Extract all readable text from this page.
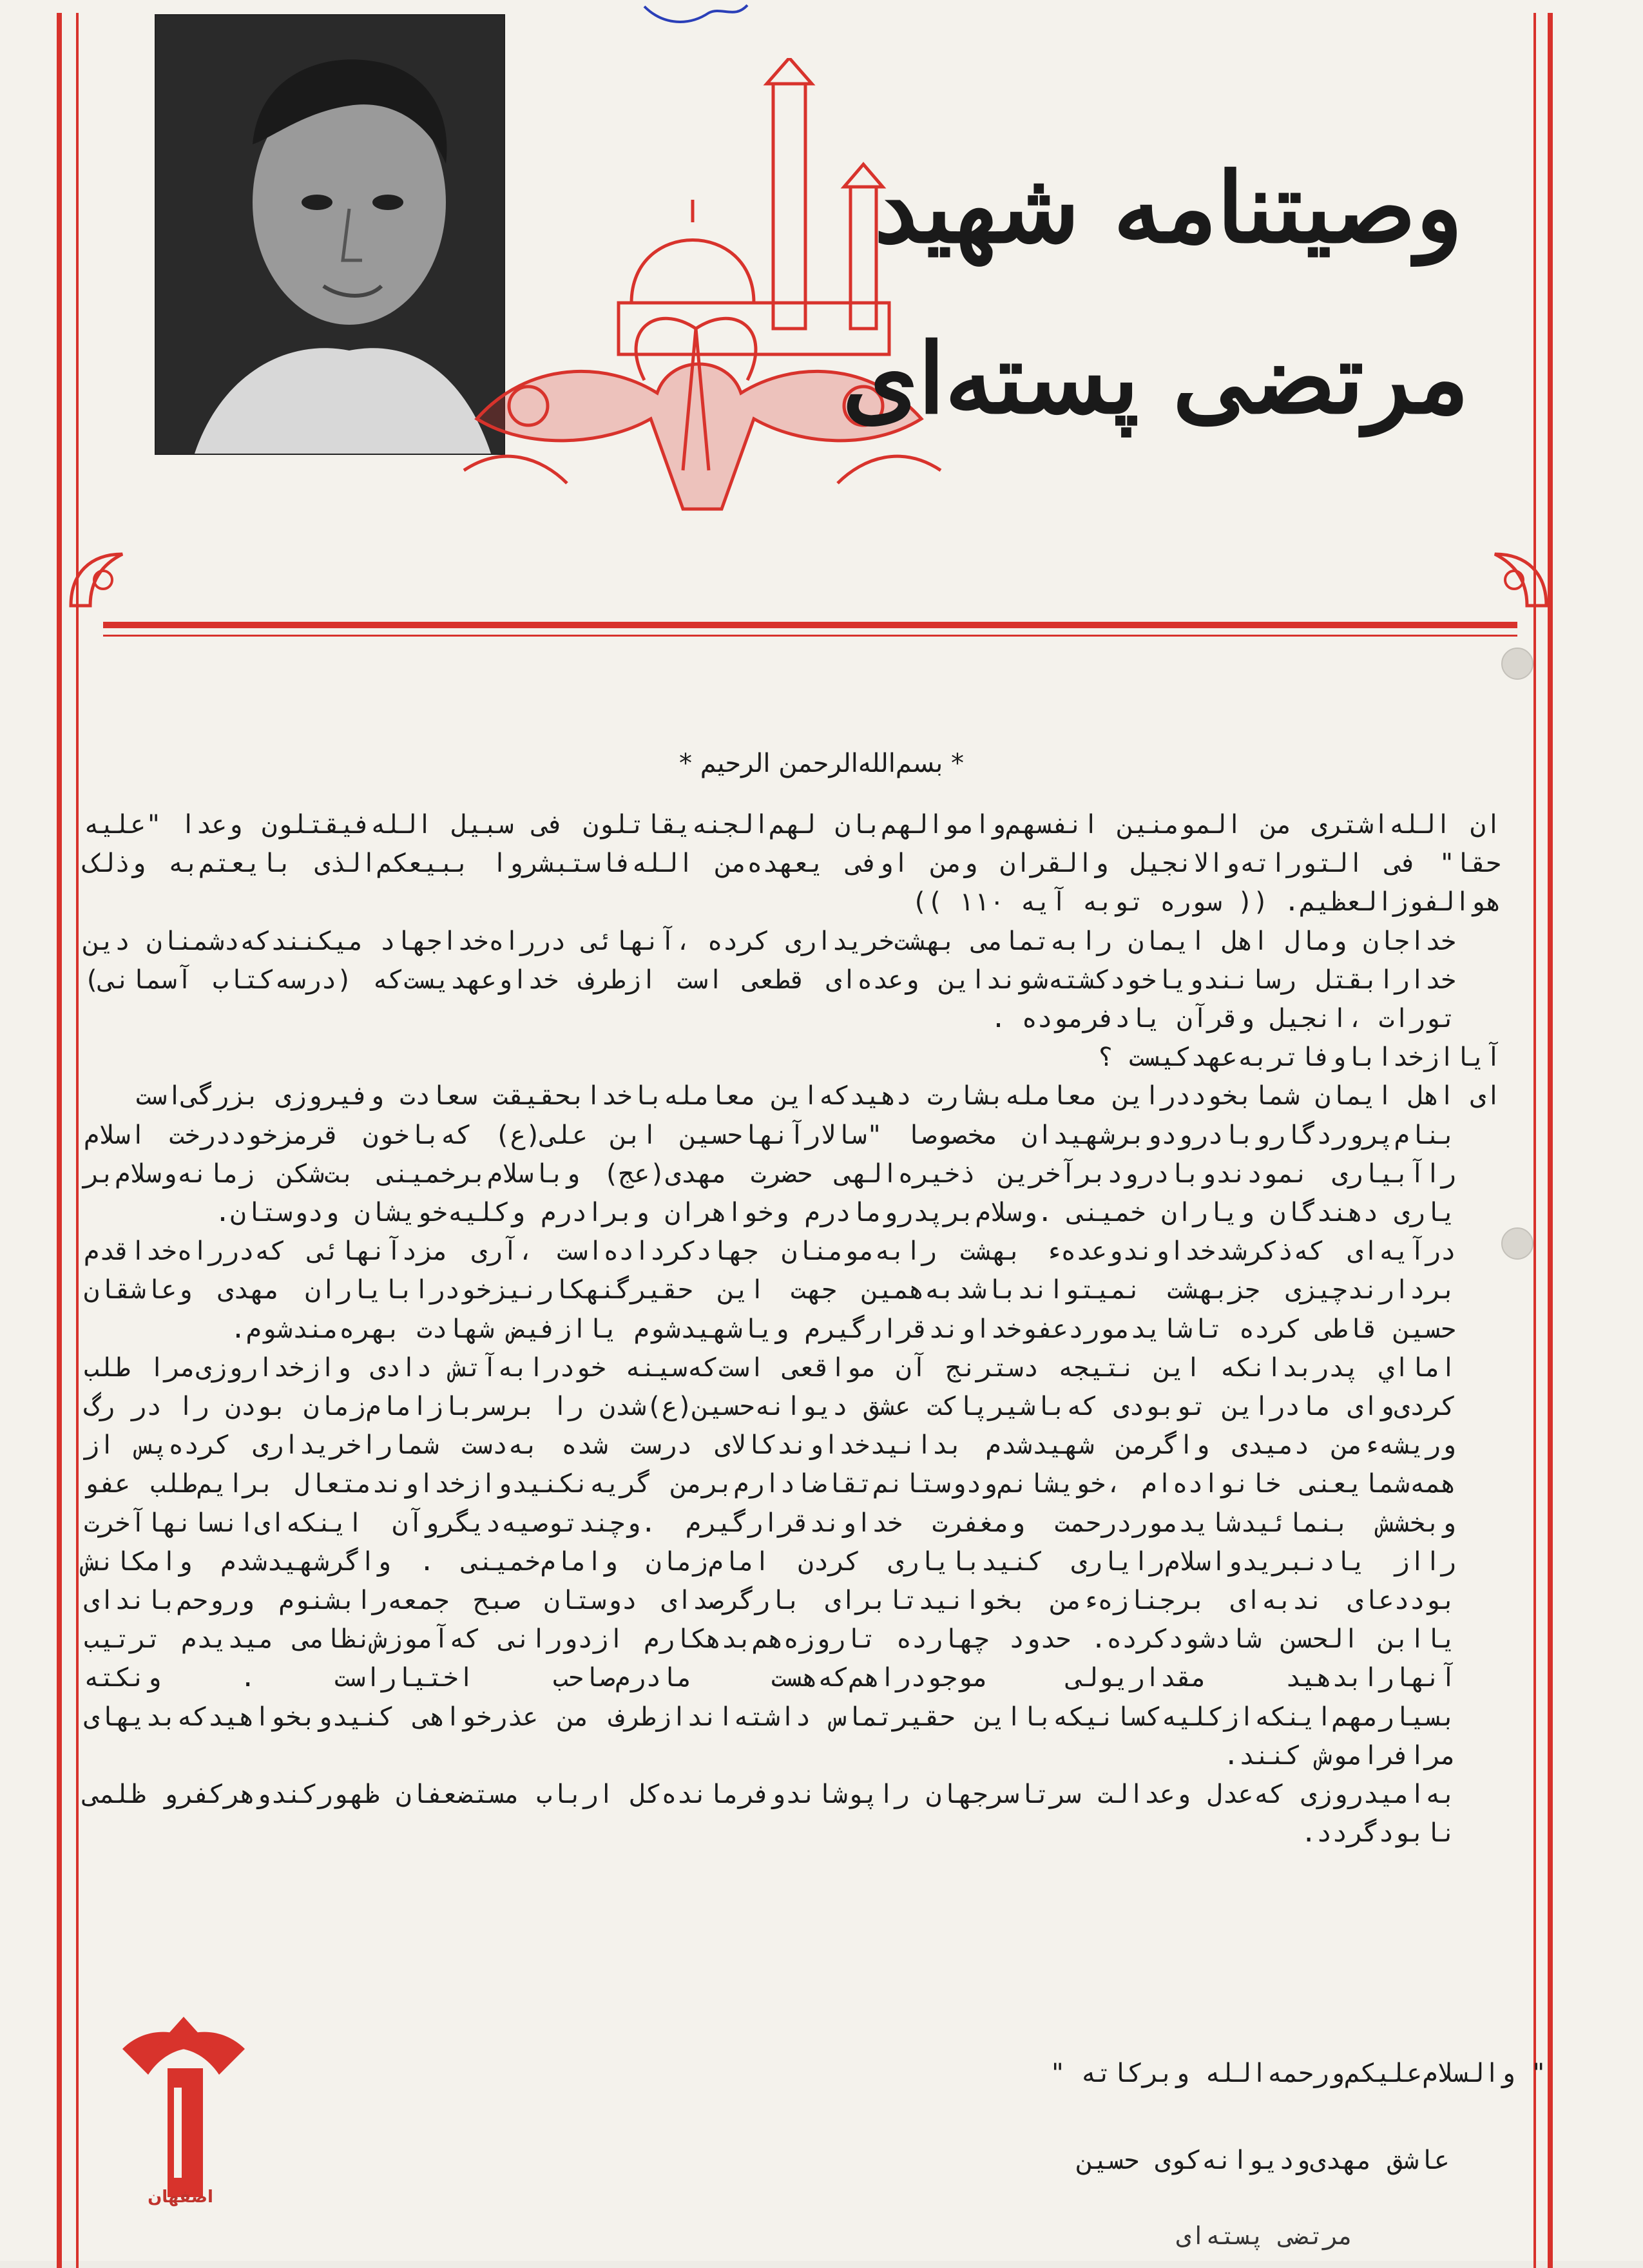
وصیتنامه شهید
مرتضی پسته‌ای
* بسم‌الله‌الرحمن الرحیم *

ان الله‌اشتری من المومنین انفسهم‌واموالهم‌بان لهم‌الجنه‌یقاتلون فی سبیل الله‌فیقتلون وعدا "علیه حقا" فی التوراته‌والانجیل والقران ومن اوفی یعهده‌من الله‌فاستبشروا ببیعکم‌الذی بایعتم‌به وذلک هوالفوزالعظیم. (( سوره توبه آیه ۱۱۰ ))

خداجان ومال اهل ایمان رابه‌تمامی بهشت‌خریداری کرده ،آنهائی درراه‌خداجهاد میکنندکه‌دشمنان دین خدارابقتل رسانندویاخودکشته‌شونداین وعده‌ای قطعی است ازطرف خداوعهدیست‌که (درسه‌کتاب آسمانی) تورات ،انجیل وقرآن یادفرموده .

آیاازخداباوفاتربه‌عهدکیست ؟

ای اهل ایمان شمابخوددراین معامله‌بشارت دهیدکه‌این معامله‌باخدابحقیقت سعادت وفیروزی بزرگی‌است

بنام‌پروردگاروبادرودوبرشهیدان مخصوصا "سالارآنهاحسین ابن علی(ع) که‌باخون قرمزخوددرخت اسلام راآبیاری نمودندوبادرودبرآخرین ذخیره‌الهی حضرت مهدی(عج) وباسلام‌برخمینی بت‌شکن زمانه‌وسلام‌بر یاری دهندگان ویاران خمینی .وسلام‌برپدرومادرم وخواهران وبرادرم وکلیه‌خویشان ودوستان.

درآیه‌ای که‌ذکرشدخداوندوعده‌ء بهشت رابه‌مومنان جهادکرداده‌است ،آری مزدآنهائی که‌درراه‌خداقدم بردارندچیزی جزبهشت نمیتواندباشدبه‌همین جهت این حقیرگنهکارنیزخودرابایاران مهدی وعاشقان حسین قاطی کرده تاشایدموردعفوخداوندقرارگیرم ویاشهیدشوم یاازفیض شهادت بهره‌مندشوم.

امااي پدربدانکه این نتیجه دسترنج آن مواقعی است‌که‌سینه خودرابه‌آتش دادی وازخداروزی‌مرا طلب کردی‌وای مادراین توبودی که‌باشیرپاکت عشق دیوانه‌حسین(ع)شدن را برسربازامام‌زمان بودن را در رگ وریشه‌ءمن دمیدی واگرمن شهیدشدم بدانیدخداوندکالای درست شده به‌دست شماراخریداری کرده‌پس از همه‌شمایعنی خانواده‌ام ،خویشانم‌ودوستانم‌تقاضادارم‌برمن گریه‌نکنیدوازخداوندمتعال برایم‌طلب عفو وبخشش بنمائیدشایدموردرحمت ومغفرت خداوندقرارگیرم .وچندتوصیه‌دیگروآن اینکه‌ای‌انسانهاآخرت رااز یادنبریدواسلام‌رایاری کنیدبایاری کردن امام‌زمان وامام‌خمینی . واگرشهیدشدم وامکانش بوددعای ندبه‌ای برجنازه‌ءمن بخوانیدتابرای بارگرصدای دوستان صبح جمعه‌رابشنوم وروحم‌باندای یاابن الحسن شادشودکرده. حدود چهارده تاروزه‌هم‌بدهکارم ازدورانی که‌آموزش‌نظامی میدیدم ترتیب آنهارابدهید مقداریولی موجودراهم‌که‌هست مادرم‌صاحب اختیاراست . ونکته بسیارمهم‌اینکه‌ازکلیه‌کسانیکه‌بااین حقیرتماس داشته‌اندازطرف من عذرخواهی کنیدوبخواهیدکه‌بدیهای مرافراموش کنند.

به‌امیدروزی که‌عدل وعدالت سرتاسرجهان راپوشاندوفرمانده‌کل ارباب مستضعفان ظهورکندوهرکفرو ظلمی نابودگردد.

" والسلام‌علیکم‌ورحمه‌الله وبرکاته "
عاشق مهدی‌ودیوانه‌کوی حسین
مرتضی پسته‌ای
اصفهان
